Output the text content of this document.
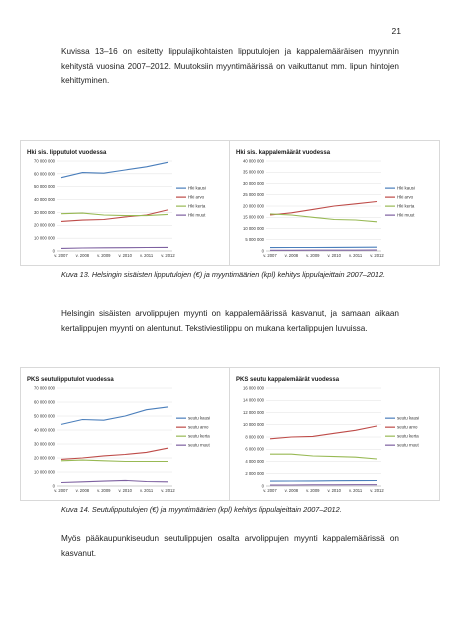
21

Kuvissa 13–16 on esitetty lippulajikohtaisten lipputulojen ja kappalemääräisen myynnin kehitystä vuosina 2007–2012. Muutoksiin myyntimäärissä on vaikuttanut mm. lipun hintojen kehittyminen.

Hki sis. lipputulot vuodessa
0
10 000 000
20 000 000
30 000 000
40 000 000
50 000 000
60 000 000
70 000 000
v. 2007 v. 2008 v. 2009 v. 2010 v. 2011 v. 2012
Hki kausi
Hki arvo
Hki kerta
Hki muut
Hki sis. kappalemäärät vuodessa
0
5 000 000
10 000 000
15 000 000
20 000 000
25 000 000
30 000 000
35 000 000
40 000 000
v. 2007 v. 2008 v. 2009 v. 2010 v. 2011 v. 2012
Hki kausi
Hki arvo
Hki kerta
Hki muut

Kuva 13. Helsingin sisäisten lipputulojen (€) ja myyntimäärien (kpl) kehitys lippulajeittain 2007–2012.

Helsingin sisäisten arvolippujen myynti on kappalemäärissä kasvanut, ja samaan aikaan kertalippujen myynti on alentunut. Tekstiviestilippu on mukana kertalippujen luvuissa.

PKS seutulipputulot vuodessa
0
10 000 000
20 000 000
30 000 000
40 000 000
50 000 000
60 000 000
70 000 000
v. 2007 v. 2008 v. 2009 v. 2010 v. 2011 v. 2012
seutu kausi
seutu arvo
seutu kerta
seutu muut
PKS seutu kappalemäärät vuodessa
0
2 000 000
4 000 000
6 000 000
8 000 000
10 000 000
12 000 000
14 000 000
16 000 000
v. 2007 v. 2008 v. 2009 v. 2010 v. 2011 v. 2012
seutu kausi
seutu arvo
seutu kerta
seutu muut

Kuva 14. Seutulipputulojen (€) ja myyntimäärien (kpl) kehitys lippulajeittain 2007–2012.

Myös pääkaupunkiseudun seutulippujen osalta arvolippujen myynti kappalemäärissä on kasvanut.
